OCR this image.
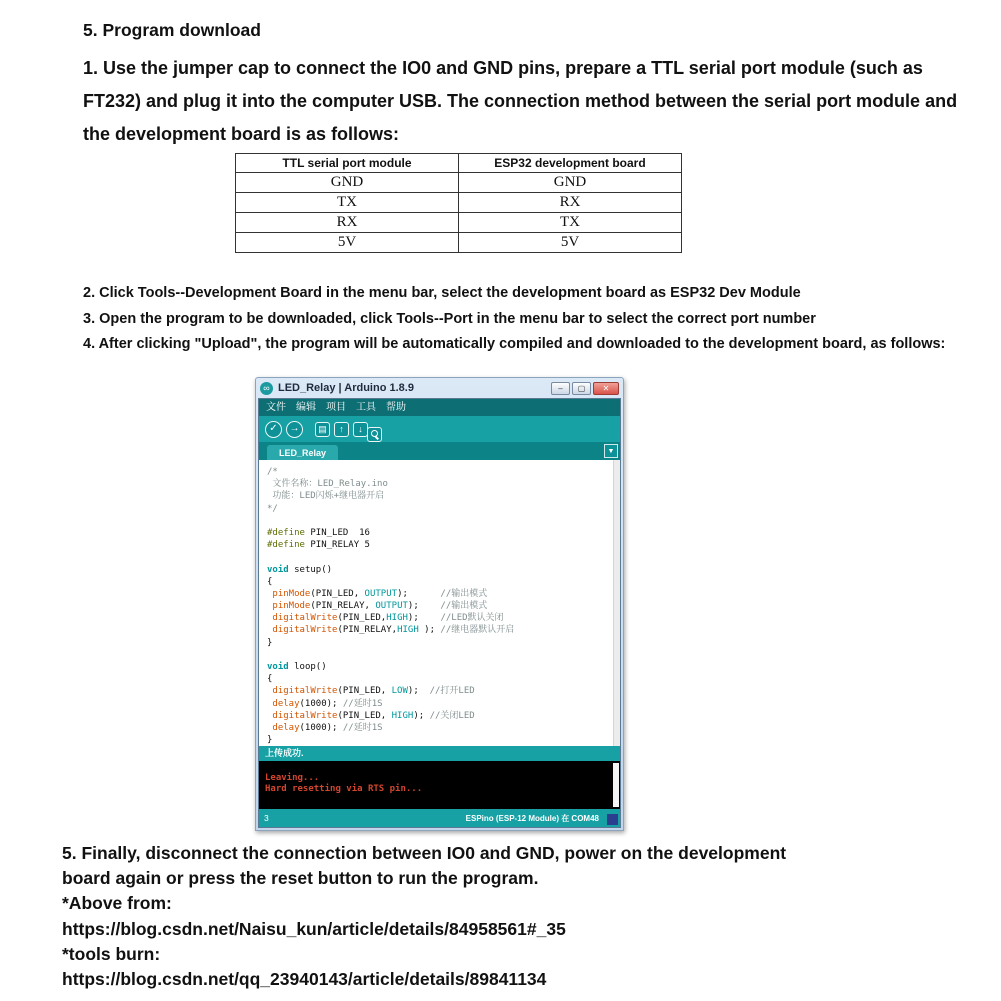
5. Program download
1. Use the jumper cap to connect the IO0 and GND pins, prepare a TTL serial port module (such as FT232) and plug it into the computer USB. The connection method between the serial port module and the development board is as follows:
TTL serial port module	ESP32 development board
GND	GND
TX	RX
RX	TX
5V	5V
2. Click Tools--Development Board in the menu bar, select the development board as ESP32 Dev Module
3. Open the program to be downloaded, click Tools--Port in the menu bar to select the correct port number
4. After clicking "Upload", the program will be automatically compiled and downloaded to the development board, as follows:
∞ LED_Relay | Arduino 1.8.9	–	▢	✕
文件 编辑 项目 工具 帮助
✓	→	▤	↑	↓
LED_Relay	▼
/*
文件名称：LED_Relay.ino
功能：LED闪烁+继电器开启
*/

#define PIN_LED  16
#define PIN_RELAY 5

void setup()
{
pinMode(PIN_LED, OUTPUT);      //输出模式
pinMode(PIN_RELAY, OUTPUT);    //输出模式
digitalWrite(PIN_LED,HIGH);    //LED默认关闭
digitalWrite(PIN_RELAY,HIGH ); //继电器默认开启
}

void loop()
{
digitalWrite(PIN_LED, LOW);  //打开LED
delay(1000); //延时1S
digitalWrite(PIN_LED, HIGH); //关闭LED
delay(1000); //延时1S
}
上传成功.
Leaving...
Hard resetting via RTS pin...
3	ESPino (ESP-12 Module) 在 COM48
5. Finally, disconnect the connection between IO0 and GND, power on the development
board again or press the reset button to run the program.
*Above from:
https://blog.csdn.net/Naisu_kun/article/details/84958561#_35
*tools burn:
https://blog.csdn.net/qq_23940143/article/details/89841134
